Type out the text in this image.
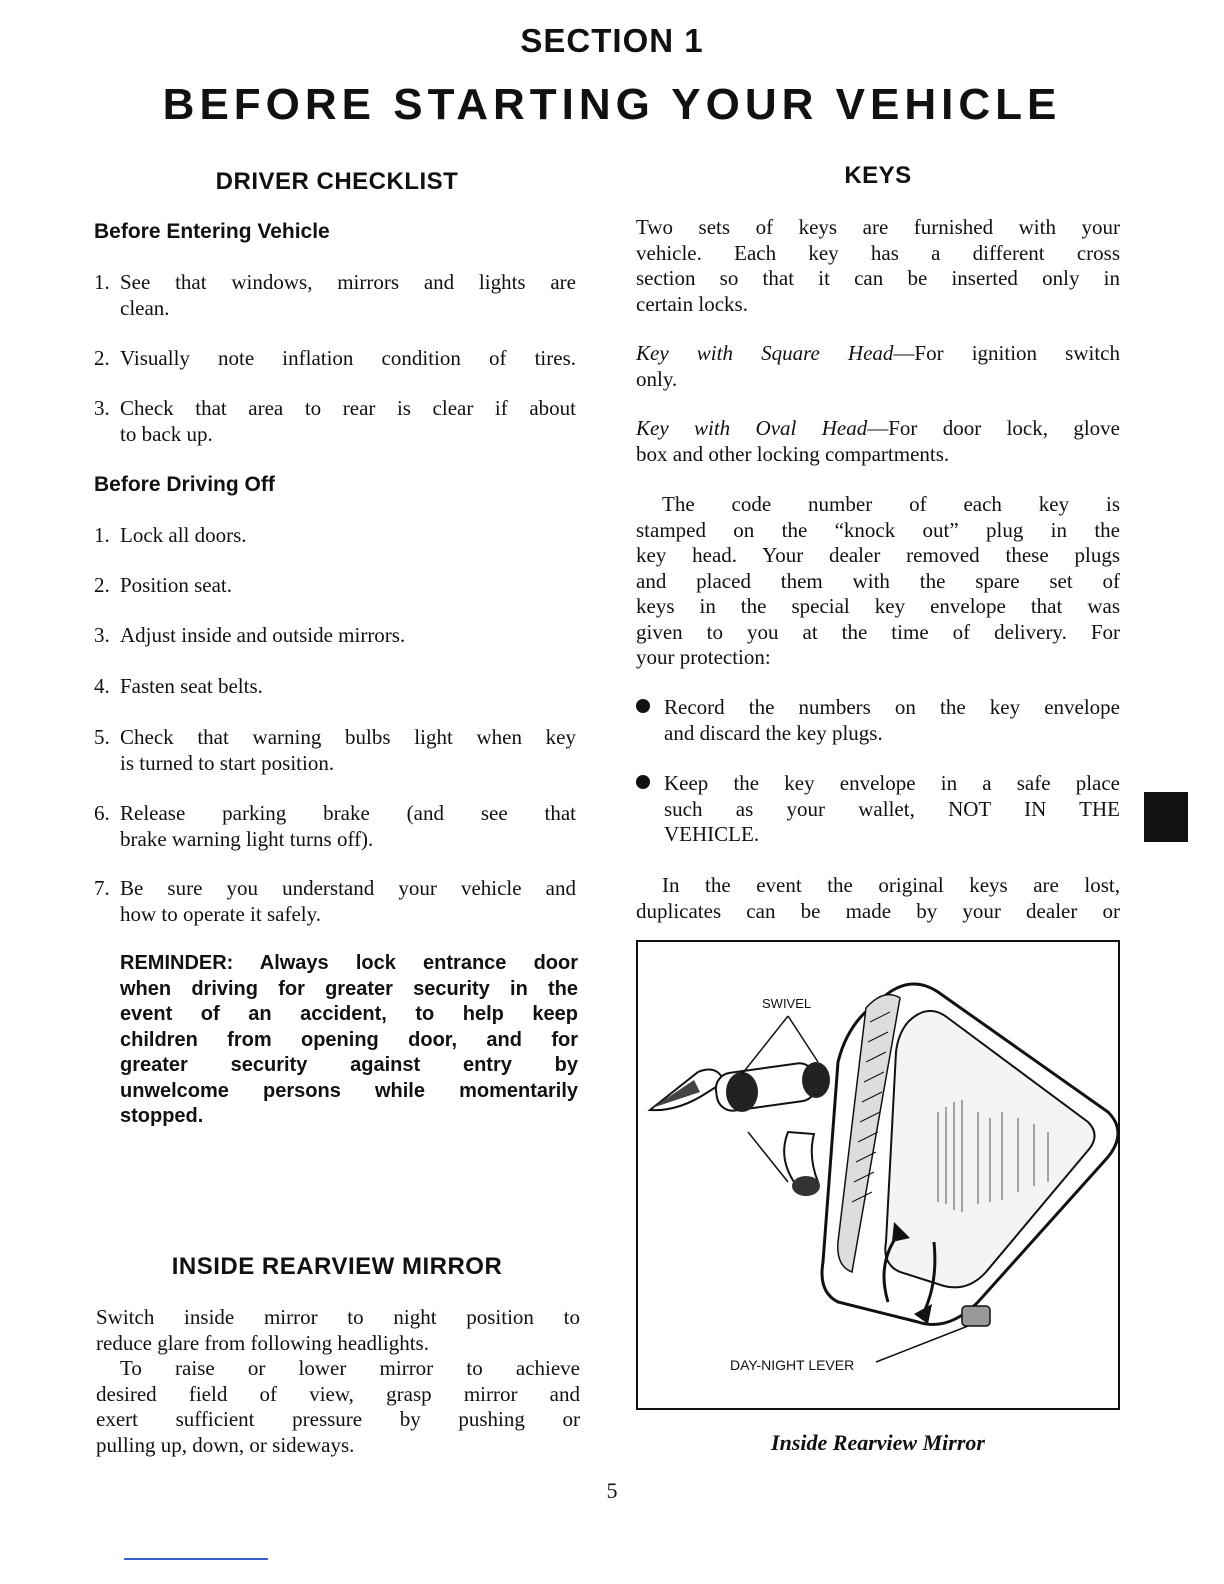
SECTION 1
BEFORE STARTING YOUR VEHICLE
DRIVER CHECKLIST
Before Entering Vehicle
1. See that windows, mirrors and lights are
clean.
2. Visually note inflation condition of tires.
3. Check that area to rear is clear if about
to back up.
Before Driving Off
1. Lock all doors.
2. Position seat.
3. Adjust inside and outside mirrors.
4. Fasten seat belts.
5. Check that warning bulbs light when key
is turned to start position.
6. Release parking brake (and see that
brake warning light turns off).
7. Be sure you understand your vehicle and
how to operate it safely.
REMINDER: Always lock entrance door
when driving for greater security in the
event of an accident, to help keep
children from opening door, and for
greater security against entry by
unwelcome persons while momentarily
stopped.
INSIDE REARVIEW MIRROR
Switch inside mirror to night position to
reduce glare from following headlights.
To raise or lower mirror to achieve
desired field of view, grasp mirror and
exert sufficient pressure by pushing or
pulling up, down, or sideways.
KEYS
Two sets of keys are furnished with your
vehicle. Each key has a different cross
section so that it can be inserted only in
certain locks.
Key with Square Head—For ignition switch
only.
Key with Oval Head—For door lock, glove
box and other locking compartments.
The code number of each key is
stamped on the “knock out” plug in the
key head. Your dealer removed these plugs
and placed them with the spare set of
keys in the special key envelope that was
given to you at the time of delivery. For
your protection:
Record the numbers on the key envelope
and discard the key plugs.
Keep the key envelope in a safe place
such as your wallet, NOT IN THE
VEHICLE.
In the event the original keys are lost,
duplicates can be made by your dealer or
SWIVEL
DAY-NIGHT LEVER
Inside Rearview Mirror
5
